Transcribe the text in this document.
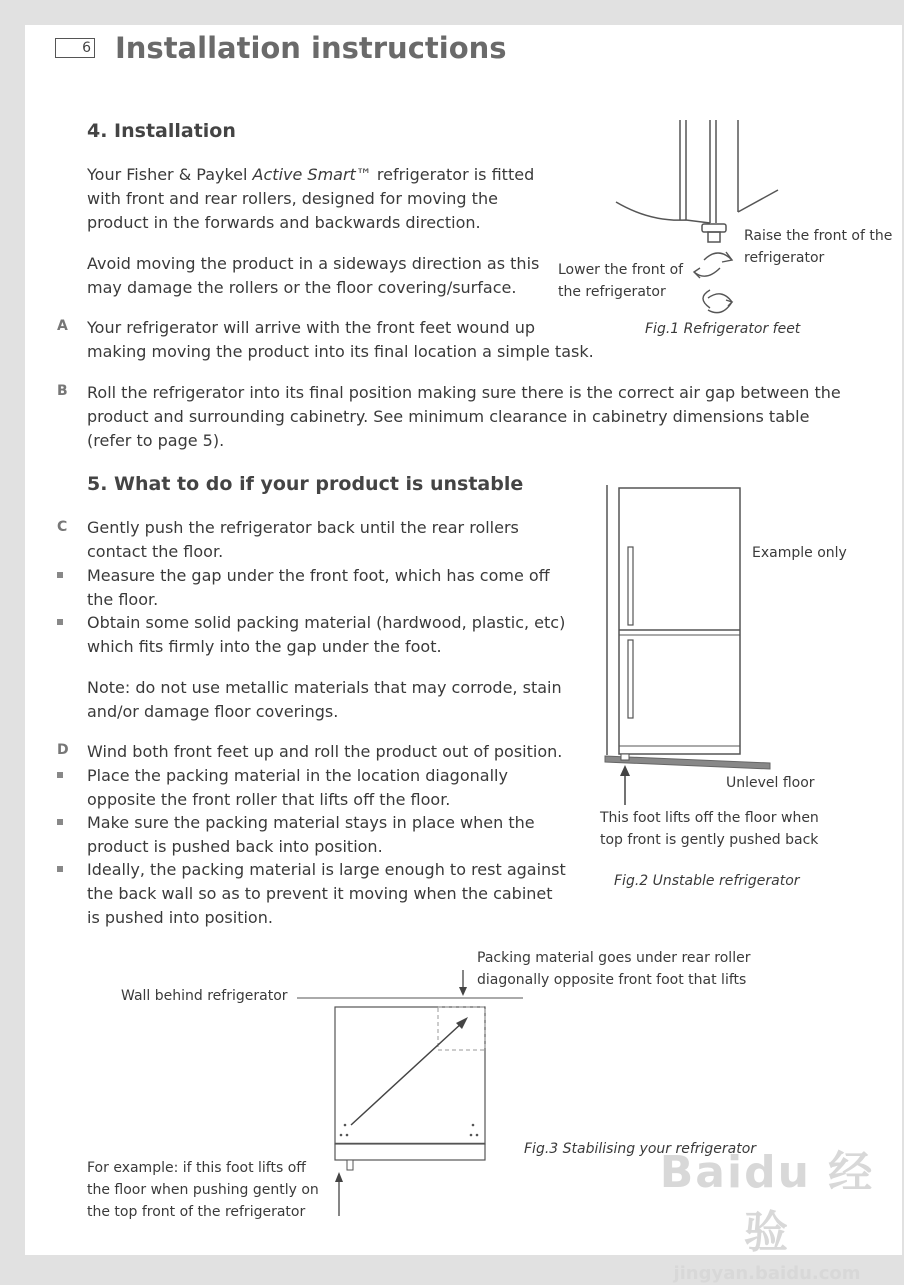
6 Installation instructions
4. Installation

Your Fisher & Paykel Active Smart™ refrigerator is fitted with front and rear rollers, designed for moving the product in the forwards and backwards direction.

Avoid moving the product in a sideways direction as this may damage the rollers or the floor covering/surface.

A Your refrigerator will arrive with the front feet wound up making moving the product into its final location a simple task.

B Roll the refrigerator into its final position making sure there is the correct air gap between the product and surrounding cabinetry. See minimum clearance in cabinetry dimensions table (refer to page 5).

Raise the front of the refrigerator
Lower the front of the refrigerator
Fig.1 Refrigerator feet
5. What to do if your product is unstable
C Gently push the refrigerator back until the rear rollers contact the floor.

Measure the gap under the front foot, which has come off the floor.

Obtain some solid packing material (hardwood, plastic, etc) which fits firmly into the gap under the foot.

Note: do not use metallic materials that may corrode, stain and/or damage floor coverings.

D Wind both front feet up and roll the product out of position.

Place the packing material in the location diagonally opposite the front roller that lifts off the floor.

Make sure the packing material stays in place when the product is pushed back into position.

Ideally, the packing material is large enough to rest against the back wall so as to prevent it moving when the cabinet is pushed into position.

Example only
Unlevel floor
This foot lifts off the floor when top front is gently pushed back
Fig.2 Unstable refrigerator
Packing material goes under rear roller diagonally opposite front foot that lifts
Wall behind refrigerator
For example: if this foot lifts off the floor when pushing gently on the top front of the refrigerator
Fig.3 Stabilising your refrigerator
Baidu 经验
jingyan.baidu.com
